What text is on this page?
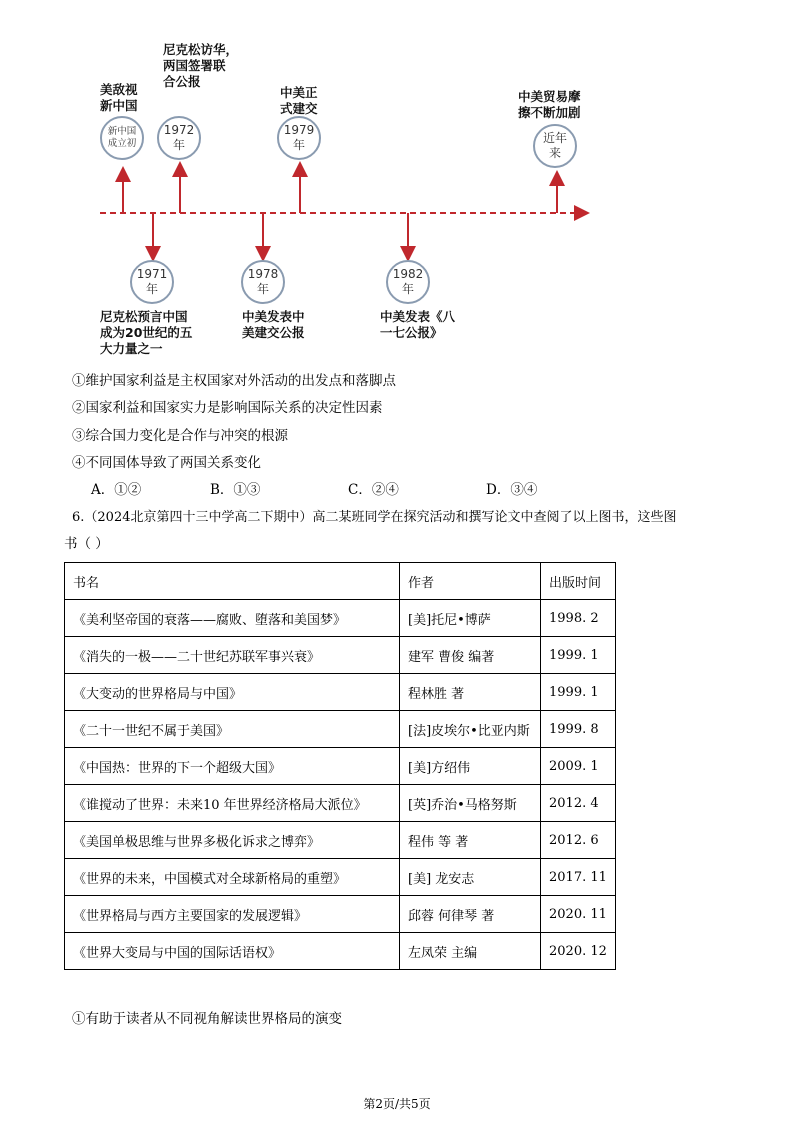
美敌视
新中国
尼克松访华，
两国签署联
合公报
中美正
式建交
中美贸易摩
擦不断加剧
新中国
成立初
1972
年
1979
年	近年
来
1971
年
1978
年
1982
年
尼克松预言中国
成为20世纪的五
大力量之一
中美发表中
美建交公报
中美发表《八
一七公报》
①维护国家利益是主权国家对外活动的出发点和落脚点
②国家利益和国家实力是影响国际关系的决定性因素
③综合国力变化是合作与冲突的根源
④不同国体导致了两国关系变化
A．①②	B．①③	C．②④	D．③④
6.（2024北京第四十三中学高二下期中）高二某班同学在探究活动和撰写论文中查阅了以上图书，这些图
书（ ）
书名	作者	出版时间
《美利坚帝国的衰落——腐败、堕落和美国梦》	[美]托尼•博萨	1998. 2
《消失的一极——二十世纪苏联军事兴衰》	建军 曹俊 编著	1999. 1
《大变动的世界格局与中国》	程林胜 著	1999. 1
《二十一世纪不属于美国》	[法]皮埃尔•比亚内斯	1999. 8
《中国热：世界的下一个超级大国》	[美]方绍伟	2009. 1
《谁搅动了世界：未来10 年世界经济格局大派位》	[英]乔治•马格努斯	2012. 4
《美国单极思维与世界多极化诉求之博弈》	程伟 等 著	2012. 6
《世界的未来，中国模式对全球新格局的重塑》	[美] 龙安志	2017. 11
《世界格局与西方主要国家的发展逻辑》	邱蓉 何律琴 著	2020. 11
《世界大变局与中国的国际话语权》	左凤荣 主编	2020. 12
①有助于读者从不同视角解读世界格局的演变
第2页/共5页
